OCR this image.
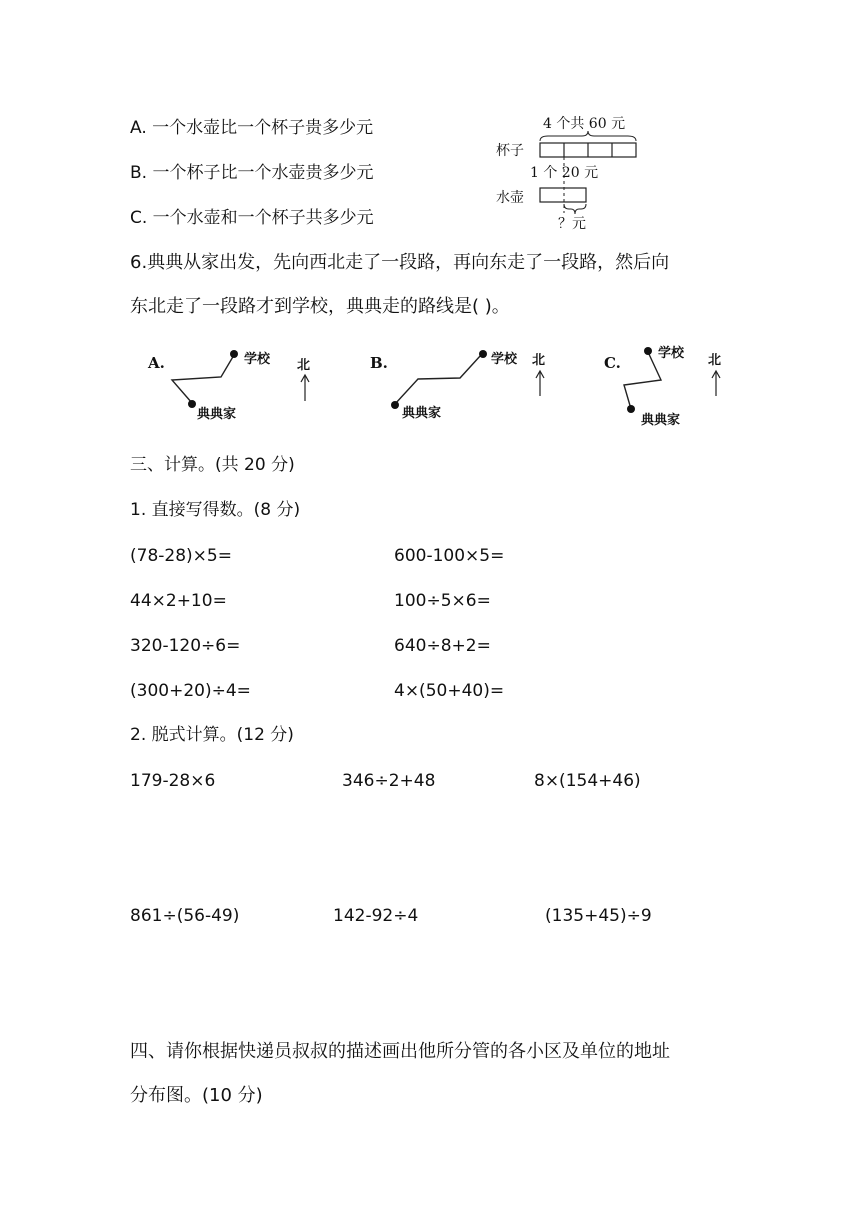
A. 一个水壶比一个杯子贵多少元
B. 一个杯子比一个水壶贵多少元
C. 一个水壶和一个杯子共多少元
4 个共 60 元
杯子
1 个 20 元
水壶
？元
6.典典从家出发，先向西北走了一段路，再向东走了一段路，然后向
东北走了一段路才到学校，典典走的路线是( )。
A.	学校
典典家
北	B.	学校
典典家
北	C.
学校
典典家
北
三、计算。(共 20 分)
1. 直接写得数。(8 分)
(78-28)×5=	600-100×5=
44×2+10=	100÷5×6=
320-120÷6=	640÷8+2=
(300+20)÷4=	4×(50+40)=
2. 脱式计算。(12 分)
179-28×6	346÷2+48	8×(154+46)
861÷(56-49)	142-92÷4	(135+45)÷9
四、请你根据快递员叔叔的描述画出他所分管的各小区及单位的地址
分布图。(10 分)
